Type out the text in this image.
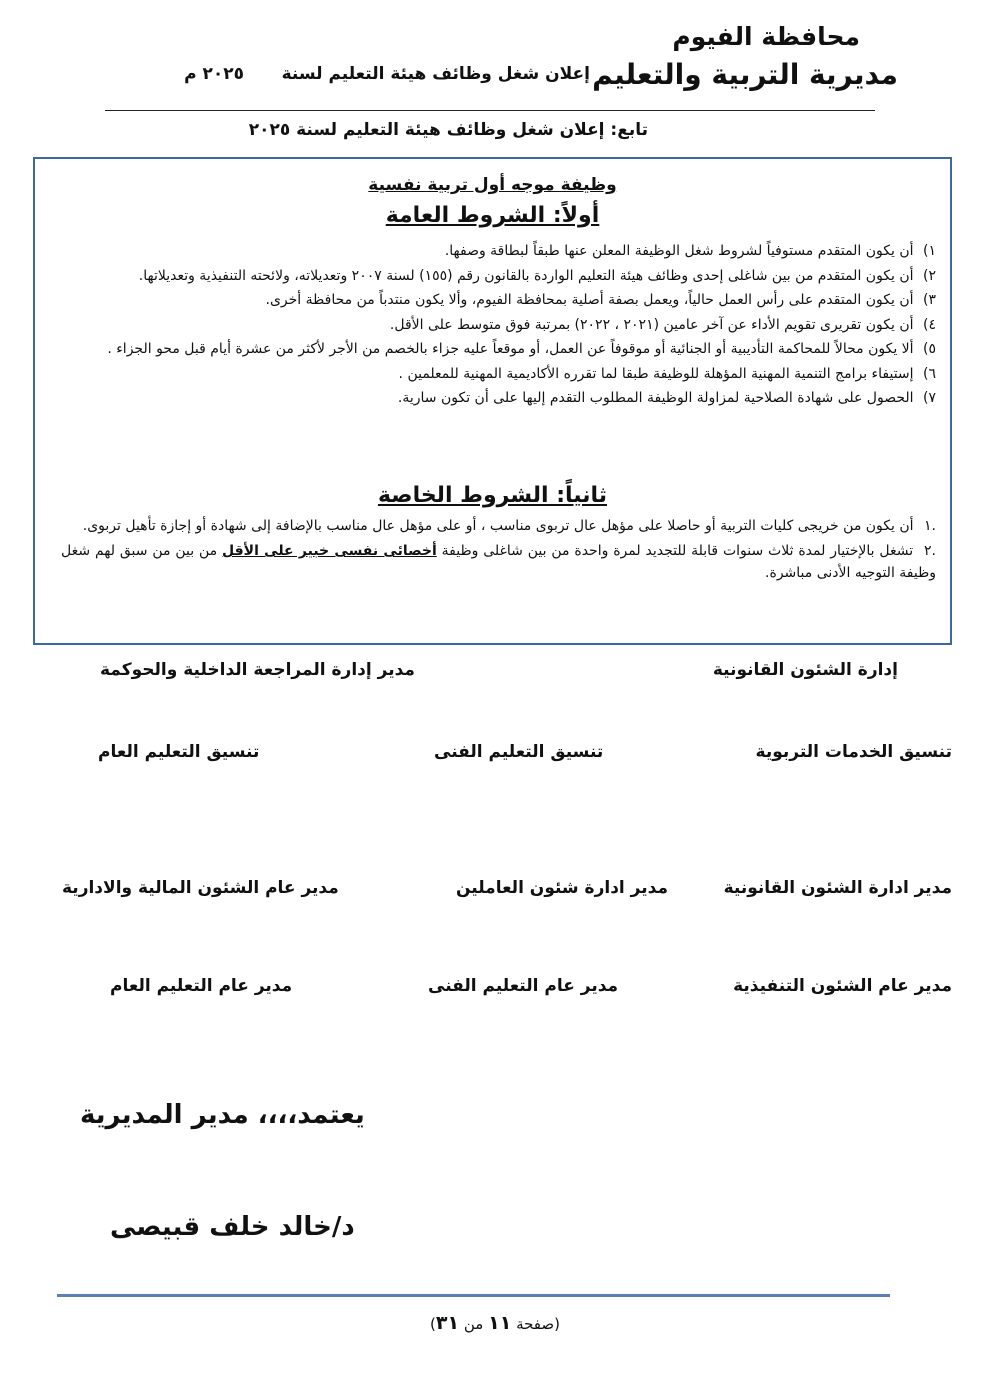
محافظة الفيوم
مديرية التربية والتعليم
إعلان شغل وظائف هيئة التعليم لسنة
٢٠٢٥ م
تابع: إعلان شغل وظائف هيئة التعليم لسنة ٢٠٢٥
وظيفة موجه أول تربية نفسية
أولاً: الشروط العامة
١) أن يكون المتقدم مستوفياً لشروط شغل الوظيفة المعلن عنها طبقاً لبطاقة وصفها.
٢) أن يكون المتقدم من بين شاغلى إحدى وظائف هيئة التعليم الواردة بالقانون رقم (١٥٥) لسنة ٢٠٠٧ وتعديلاته، ولائحته التنفيذية وتعديلاتها.
٣) أن يكون المتقدم على رأس العمل حالياً، ويعمل بصفة أصلية بمحافظة الفيوم، وألا يكون منتدباً من محافظة أخرى.
٤) أن يكون تقريرى تقويم الأداء عن آخر عامين (٢٠٢١ ، ٢٠٢٢) بمرتبة فوق متوسط على الأقل.
٥) ألا يكون محالاً للمحاكمة التأديبية أو الجنائية أو موقوفاً عن العمل، أو موقعاً عليه جزاء بالخصم من الأجر لأكثر من عشرة أيام قبل محو الجزاء .
٦) إستيفاء برامج التنمية المهنية المؤهلة للوظيفة طبقا لما تقرره الأكاديمية المهنية للمعلمين .
٧) الحصول على شهادة الصلاحية لمزاولة الوظيفة المطلوب التقدم إليها على أن تكون سارية.
ثانياً: الشروط الخاصة
.١ أن يكون من خريجى كليات التربية أو حاصلا على مؤهل عال تربوى مناسب ، أو على مؤهل عال مناسب بالإضافة إلى شهادة أو إجازة تأهيل تربوى.
.٢ تشغل بالإختيار لمدة ثلاث سنوات قابلة للتجديد لمرة واحدة من بين شاغلى وظيفة أخصائى نفسى خبير على الأقل من بين من سبق لهم شغل وظيفة التوجيه الأدنى مباشرة.
إدارة الشئون القانونية
مدير إدارة المراجعة الداخلية والحوكمة
تنسيق الخدمات التربوية
تنسيق التعليم الفنى
تنسيق التعليم العام
مدير ادارة الشئون القانونية
مدير ادارة شئون العاملين
مدير عام الشئون المالية والادارية
مدير عام الشئون التنفيذية
مدير عام التعليم الفنى
مدير عام التعليم العام
يعتمد،،،، مدير المديرية
د/خالد خلف قبيصى
(صفحة ١١ من ٣١)
